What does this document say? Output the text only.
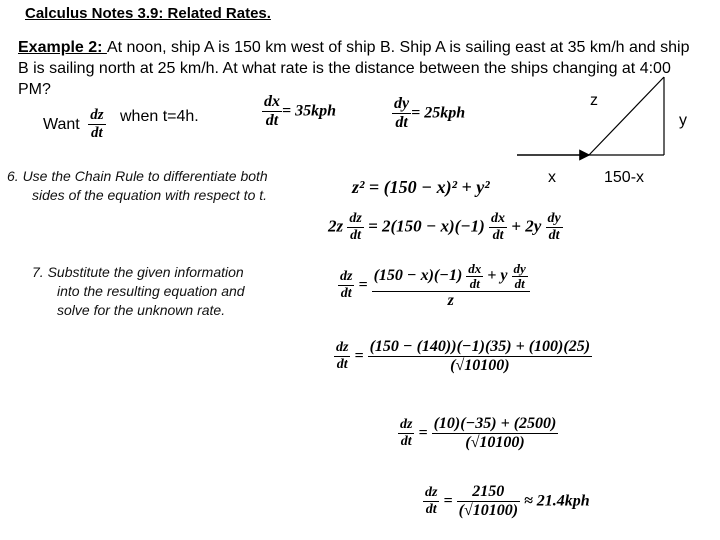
Calculus Notes 3.9: Related Rates.
Example 2: At noon, ship A is 150 km west of ship B. Ship A is sailing east at 35 km/h and ship B is sailing north at 25 km/h. At what rate is the distance between the ships changing at 4:00 PM?
Want $\frac{dz}{dt}$ when t=4h.	$\frac{dx}{dt} = 35kph$	$\frac{dy}{dt} = 25kph$
z
y
x	150-x
6. Use the Chain Rule to differentiate both
sides of the equation with respect to t.
7. Substitute the given information
into the resulting equation and
solve for the unknown rate.
z² = (150 − x)² + y²
$2z \frac{dz}{dt} = 2(150 - x)(-1) \frac{dx}{dt} + 2y \frac{dy}{dt}$
$\frac{dz}{dt}$ =
$(150 - x)(-1) \frac{dx}{dt} + y \frac{dy}{dt}$
z
$\frac{dz}{dt} = \frac{(150 - (140))(-1)(35) + (100)(25)}{(√10100)}$
$\frac{dz}{dt} = \frac{(10)(-35) + (2500)}{(√10100)}$
$\frac{dz}{dt} = \frac{2150}{(√10100)} \approx 21.4kph$
